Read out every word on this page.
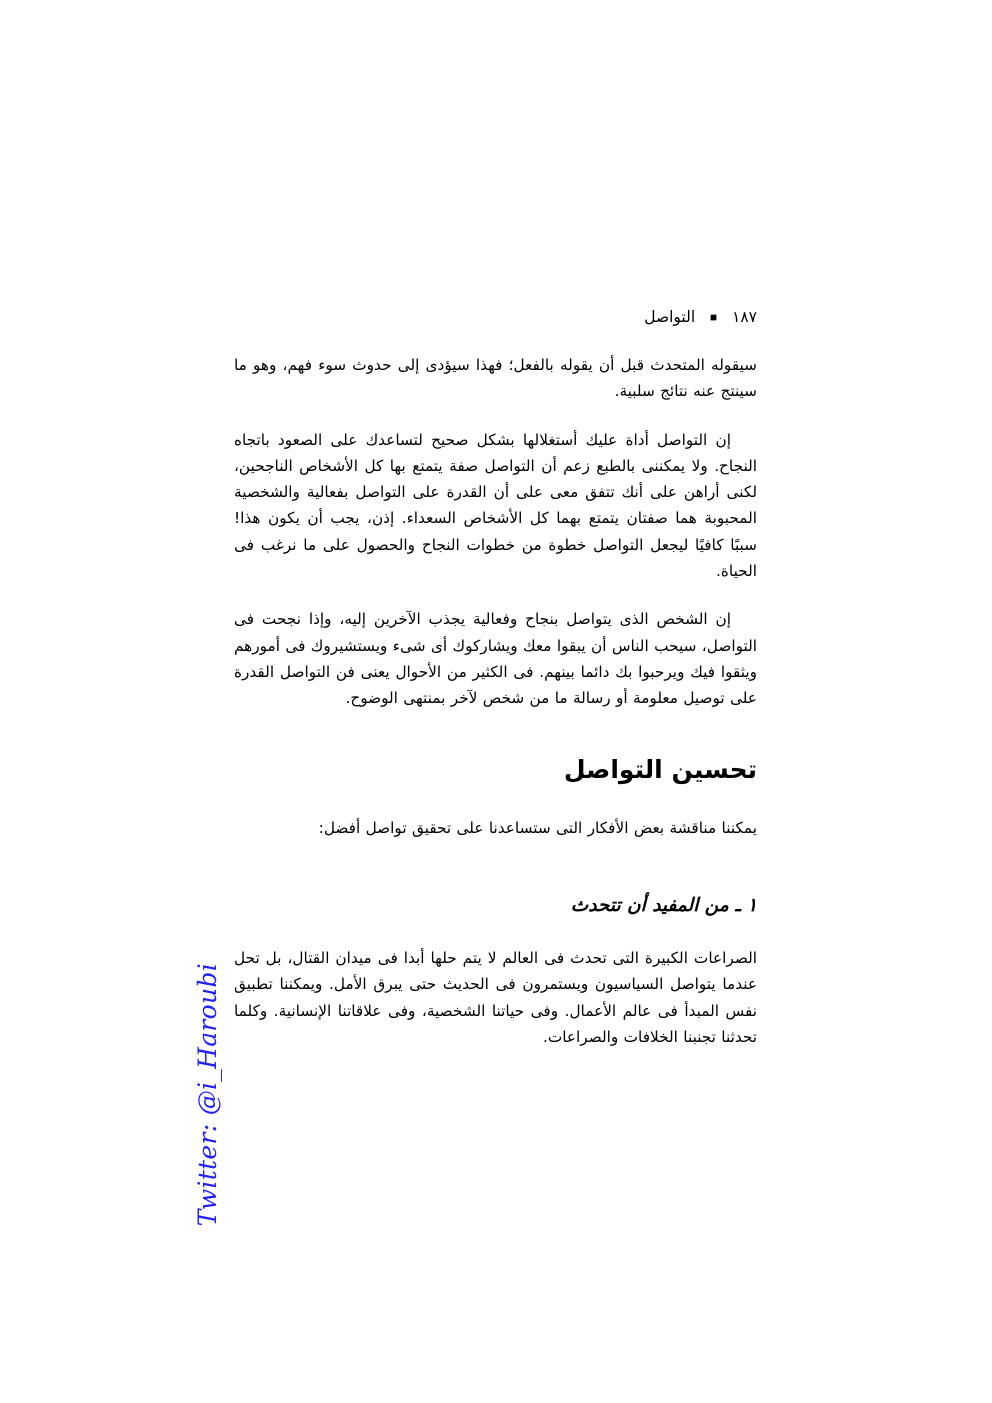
١٨٧  التواصل

سيقوله المتحدث قبل أن يقوله بالفعل؛ فهذا سيؤدى إلى حدوث سوء فهم، وهو ما سينتج عنه نتائج سلبية.

إن التواصل أداة عليك أستغلالها بشكل صحيح لتساعدك على الصعود باتجاه النجاح. ولا يمكننى بالطبع زعم أن التواصل صفة يتمتع بها كل الأشخاص الناجحين، لكنى أراهن على أنك تتفق معى على أن القدرة على التواصل بفعالية والشخصية المحبوبة هما صفتان يتمتع بهما كل الأشخاص السعداء. إذن، يجب أن يكون هذا! سببًا كافيًا ليجعل التواصل خطوة من خطوات النجاح والحصول على ما نرغب فى الحياة.

إن الشخص الذى يتواصل بنجاح وفعالية يجذب الآخرين إليه، وإذا نجحت فى التواصل، سيحب الناس أن يبقوا معك ويشاركوك أى شىء ويستشيروك فى أمورهم ويثقوا فيك ويرحبوا بك دائما بينهم. فى الكثير من الأحوال يعنى فن التواصل القدرة على توصيل معلومة أو رسالة ما من شخص لآخر بمنتهى الوضوح.

تحسين التواصل

يمكننا مناقشة بعض الأفكار التى ستساعدنا على تحقيق تواصل أفضل:

١ ـ من المفيد أن تتحدث

الصراعات الكبيرة التى تحدث فى العالم لا يتم حلها أبدا فى ميدان القتال، بل تحل عندما يتواصل السياسيون ويستمرون فى الحديث حتى يبرق الأمل. ويمكننا تطبيق نفس المبدأ فى عالم الأعمال. وفى حياتنا الشخصية، وفى علاقاتنا الإنسانية. وكلما تحدثنا تجنبنا الخلافات والصراعات.

Twitter: @i_Haroubi
